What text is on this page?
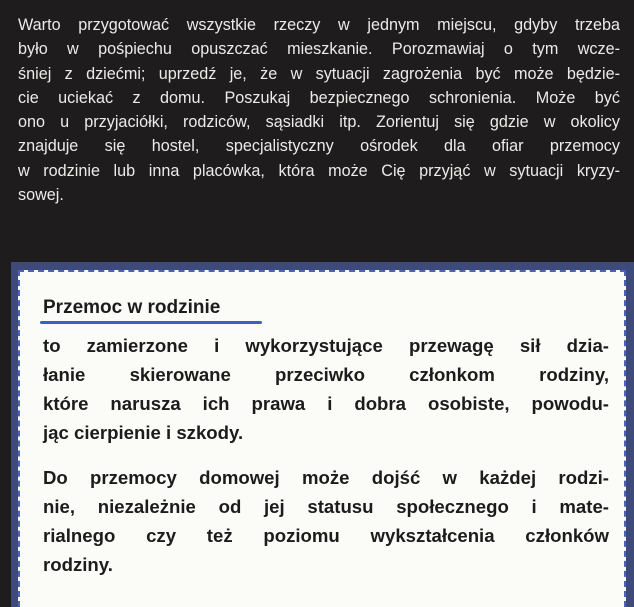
Warto przygotować wszystkie rzeczy w jednym miejscu, gdyby trzeba
było w pośpiechu opuszczać mieszkanie. Porozmawiaj o tym wcze-
śniej z dziećmi; uprzedź je, że w sytuacji zagrożenia być może będzie-
cie uciekać z domu. Poszukaj bezpiecznego schronienia. Może być
ono u przyjaciółki, rodziców, sąsiadki itp. Zorientuj się gdzie w okolicy
znajduje się hostel, specjalistyczny ośrodek dla ofiar przemocy
w rodzinie lub inna placówka, która może Cię przyjąć w sytuacji kryzy-
sowej.
Przemoc w rodzinie
to zamierzone i wykorzystujące przewagę sił dzia-
łanie skierowane przeciwko członkom rodziny,
które narusza ich prawa i dobra osobiste, powodu-
jąc cierpienie i szkody.
Do przemocy domowej może dojść w każdej rodzi-
nie, niezależnie od jej statusu społecznego i mate-
rialnego czy też poziomu wykształcenia członków
rodziny.
